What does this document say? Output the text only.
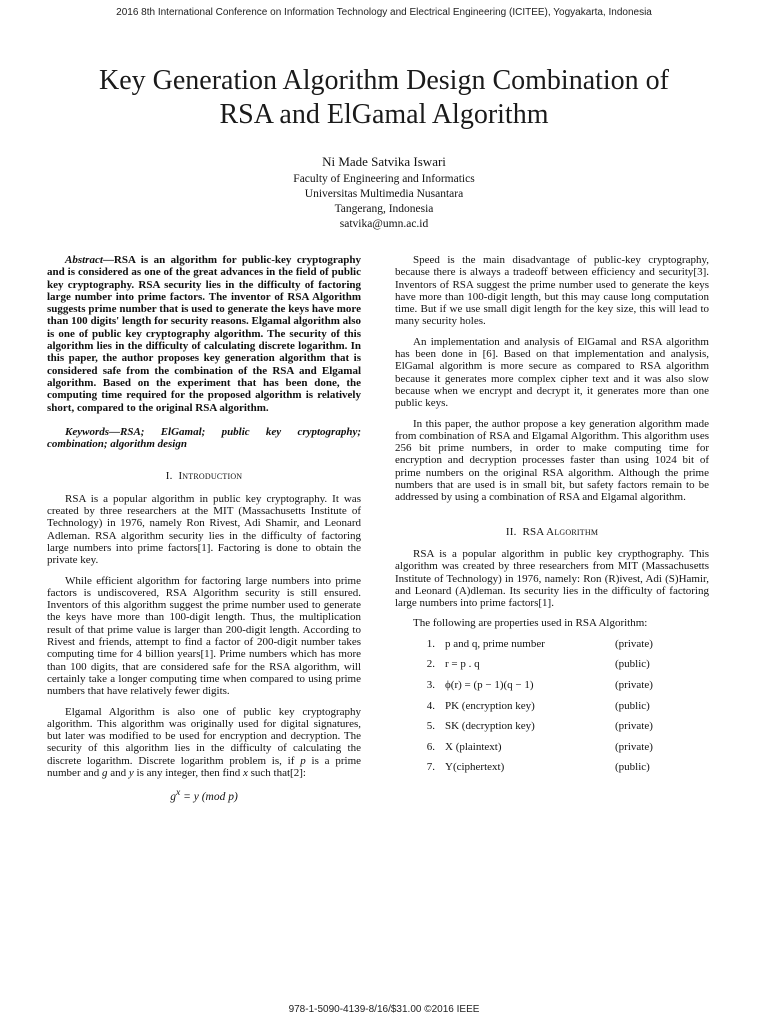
2016 8th International Conference on Information Technology and Electrical Engineering (ICITEE), Yogyakarta, Indonesia
Key Generation Algorithm Design Combination of
RSA and ElGamal Algorithm
Ni Made Satvika Iswari
Faculty of Engineering and Informatics
Universitas Multimedia Nusantara
Tangerang, Indonesia
satvika@umn.ac.id

Abstract—RSA is an algorithm for public-key cryptography and is considered as one of the great advances in the field of public key cryptography. RSA security lies in the difficulty of factoring large number into prime factors. The inventor of RSA Algorithm suggests prime number that is used to generate the keys have more than 100 digits' length for security reasons. Elgamal algorithm also is one of public key cryptography algorithm. The security of this algorithm lies in the difficulty of calculating discrete logarithm. In this paper, the author proposes key generation algorithm that is considered safe from the combination of the RSA and Elgamal algorithm. Based on the experiment that has been done, the computing time required for the proposed algorithm is relatively short, compared to the original RSA algorithm.

Keywords—RSA; ElGamal; public key cryptography; combination; algorithm design

I. Introduction

RSA is a popular algorithm in public key cryptography. It was created by three researchers at the MIT (Massachusetts Institute of Technology) in 1976, namely Ron Rivest, Adi Shamir, and Leonard Adleman. RSA algorithm security lies in the difficulty of factoring large numbers into prime factors[1]. Factoring is done to obtain the private key.

While efficient algorithm for factoring large numbers into prime factors is undiscovered, RSA Algorithm security is still ensured. Inventors of this algorithm suggest the prime number used to generate the keys have more than 100-digit length. Thus, the multiplication result of that prime value is larger than 200-digit length. According to Rivest and friends, attempt to find a factor of 200-digit number takes computing time for 4 billion years[1]. Prime numbers which has more than 100 digits, that are considered safe for the RSA algorithm, will certainly take a longer computing time when compared to using prime numbers that have relatively fewer digits.

Elgamal Algorithm is also one of public key cryptography algorithm. This algorithm was originally used for digital signatures, but later was modified to be used for encryption and decryption. The security of this algorithm lies in the difficulty of calculating the discrete logarithm. Discrete logarithm problem is, if p is a prime number and g and y is any integer, then find x such that[2]:

$g^x = y$ (mod p)

Speed is the main disadvantage of public-key cryptography, because there is always a tradeoff between efficiency and security[3]. Inventors of RSA suggest the prime number used to generate the keys have more than 100-digit length, but this may cause long computation time. But if we use small digit length for the key size, this will lead to many security holes.

An implementation and analysis of ElGamal and RSA algorithm has been done in [6]. Based on that implementation and analysis, ElGamal algorithm is more secure as compared to RSA algorithm because it generates more complex cipher text and it was also slow because when we encrypt and decrypt it, it generates more than one public keys.

In this paper, the author propose a key generation algorithm made from combination of RSA and Elgamal Algorithm. This algorithm uses 256 bit prime numbers, in order to make computing time for encryption and decryption processes faster than using 1024 bit of prime numbers on the original RSA algorithm. Although the prime numbers that are used is in small bit, but safety factors remain to be addressed by using a combination of RSA and Elgamal algorithm.

II. RSA Algorithm

RSA is a popular algorithm in public key crypthography. This algorithm was created by three researchers from MIT (Massachusetts Institute of Technology) in 1976, namely: Ron (R)ivest, Adi (S)Hamir, and Leonard (A)dleman. Its security lies in the difficulty of factoring large numbers into prime factors[1].

The following are properties used in RSA Algorithm:

1. p and q, prime number	(private)
2. r = p . q	(public)
3. ϕ(r) = (p − 1)(q − 1)	(private)
4. PK (encryption key)	(public)
5. SK (decryption key)	(private)
6. X (plaintext)	(private)
7. Y(ciphertext)	(public)
978-1-5090-4139-8/16/$31.00 ©2016 IEEE
